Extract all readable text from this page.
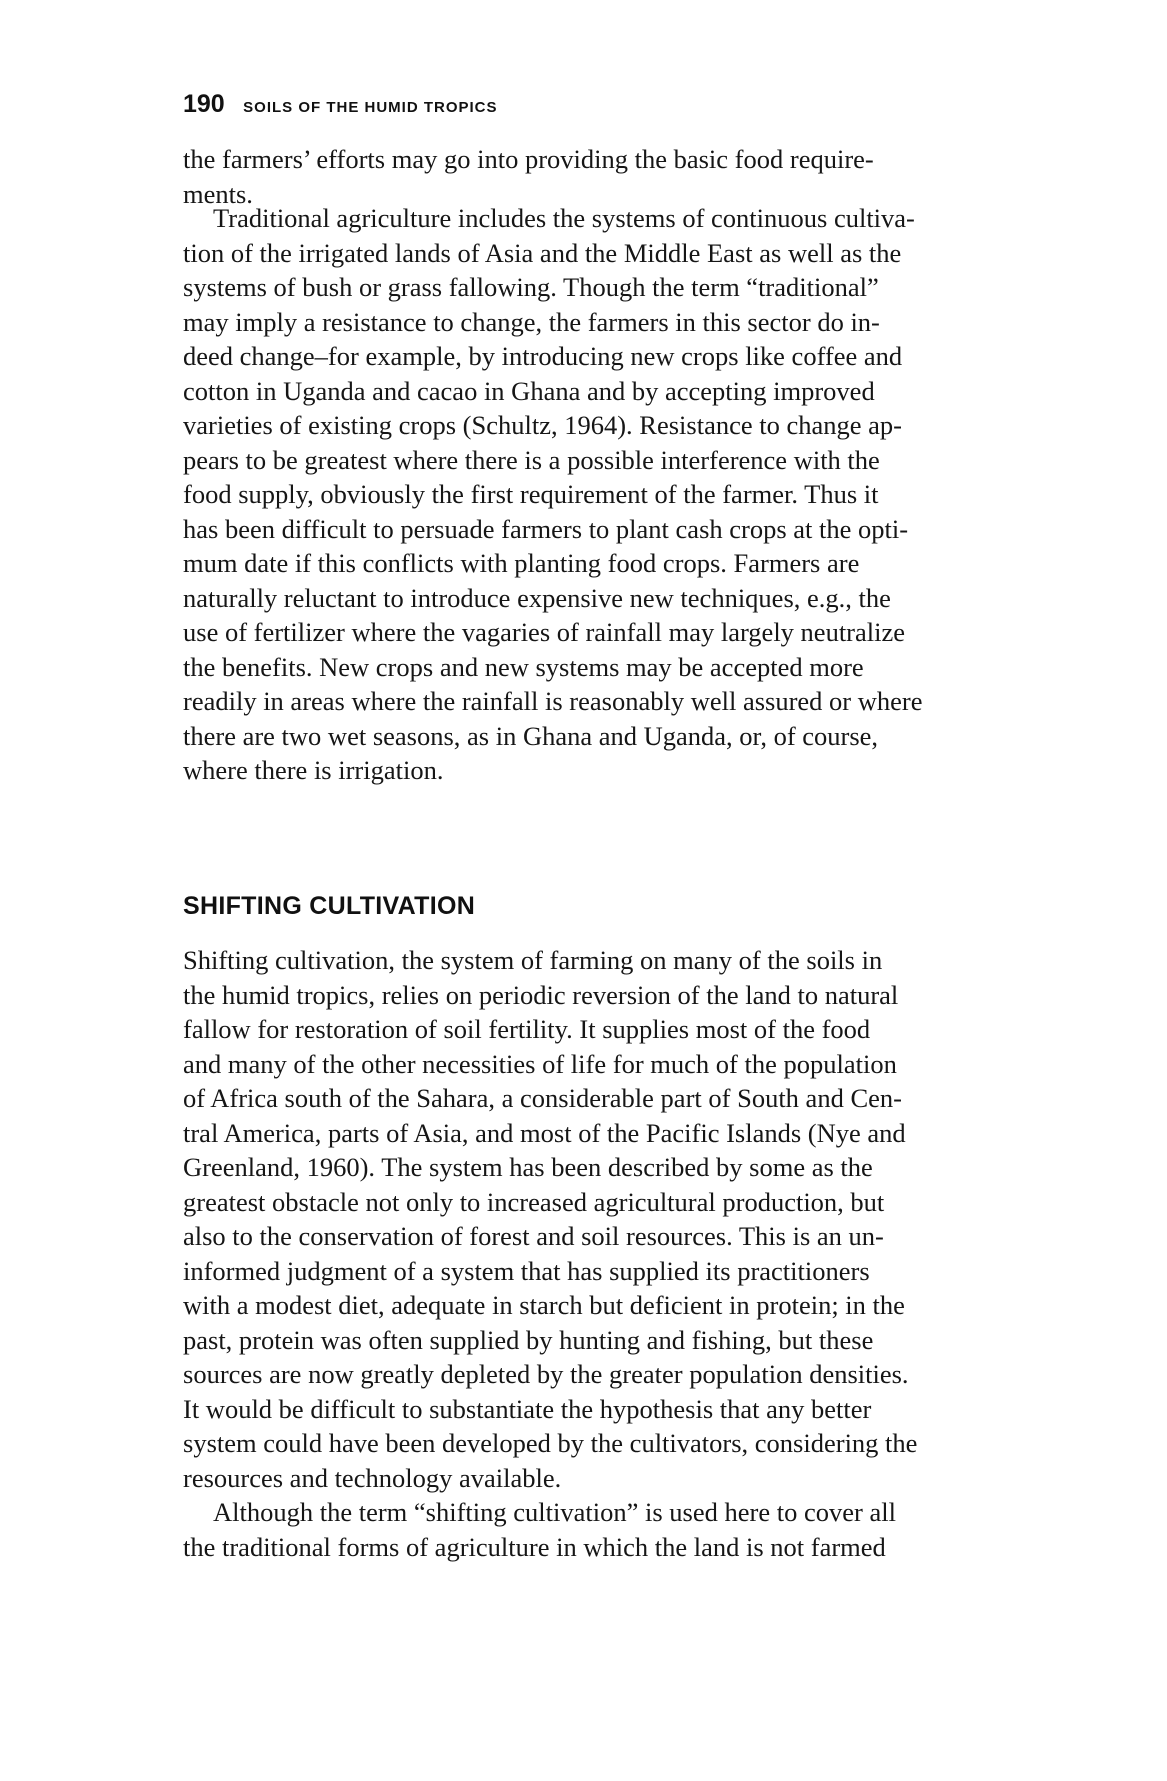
190 SOILS OF THE HUMID TROPICS

the farmers’ efforts may go into providing the basic food require-
ments.

Traditional agriculture includes the systems of continuous cultiva-
tion of the irrigated lands of Asia and the Middle East as well as the
systems of bush or grass fallowing. Though the term “traditional”
may imply a resistance to change, the farmers in this sector do in-
deed change–for example, by introducing new crops like coffee and
cotton in Uganda and cacao in Ghana and by accepting improved
varieties of existing crops (Schultz, 1964). Resistance to change ap-
pears to be greatest where there is a possible interference with the
food supply, obviously the first requirement of the farmer. Thus it
has been difficult to persuade farmers to plant cash crops at the opti-
mum date if this conflicts with planting food crops. Farmers are
naturally reluctant to introduce expensive new techniques, e.g., the
use of fertilizer where the vagaries of rainfall may largely neutralize
the benefits. New crops and new systems may be accepted more
readily in areas where the rainfall is reasonably well assured or where
there are two wet seasons, as in Ghana and Uganda, or, of course,
where there is irrigation.

SHIFTING CULTIVATION

Shifting cultivation, the system of farming on many of the soils in
the humid tropics, relies on periodic reversion of the land to natural
fallow for restoration of soil fertility. It supplies most of the food
and many of the other necessities of life for much of the population
of Africa south of the Sahara, a considerable part of South and Cen-
tral America, parts of Asia, and most of the Pacific Islands (Nye and
Greenland, 1960). The system has been described by some as the
greatest obstacle not only to increased agricultural production, but
also to the conservation of forest and soil resources. This is an un-
informed judgment of a system that has supplied its practitioners
with a modest diet, adequate in starch but deficient in protein; in the
past, protein was often supplied by hunting and fishing, but these
sources are now greatly depleted by the greater population densities.
It would be difficult to substantiate the hypothesis that any better
system could have been developed by the cultivators, considering the
resources and technology available.

Although the term “shifting cultivation” is used here to cover all
the traditional forms of agriculture in which the land is not farmed
